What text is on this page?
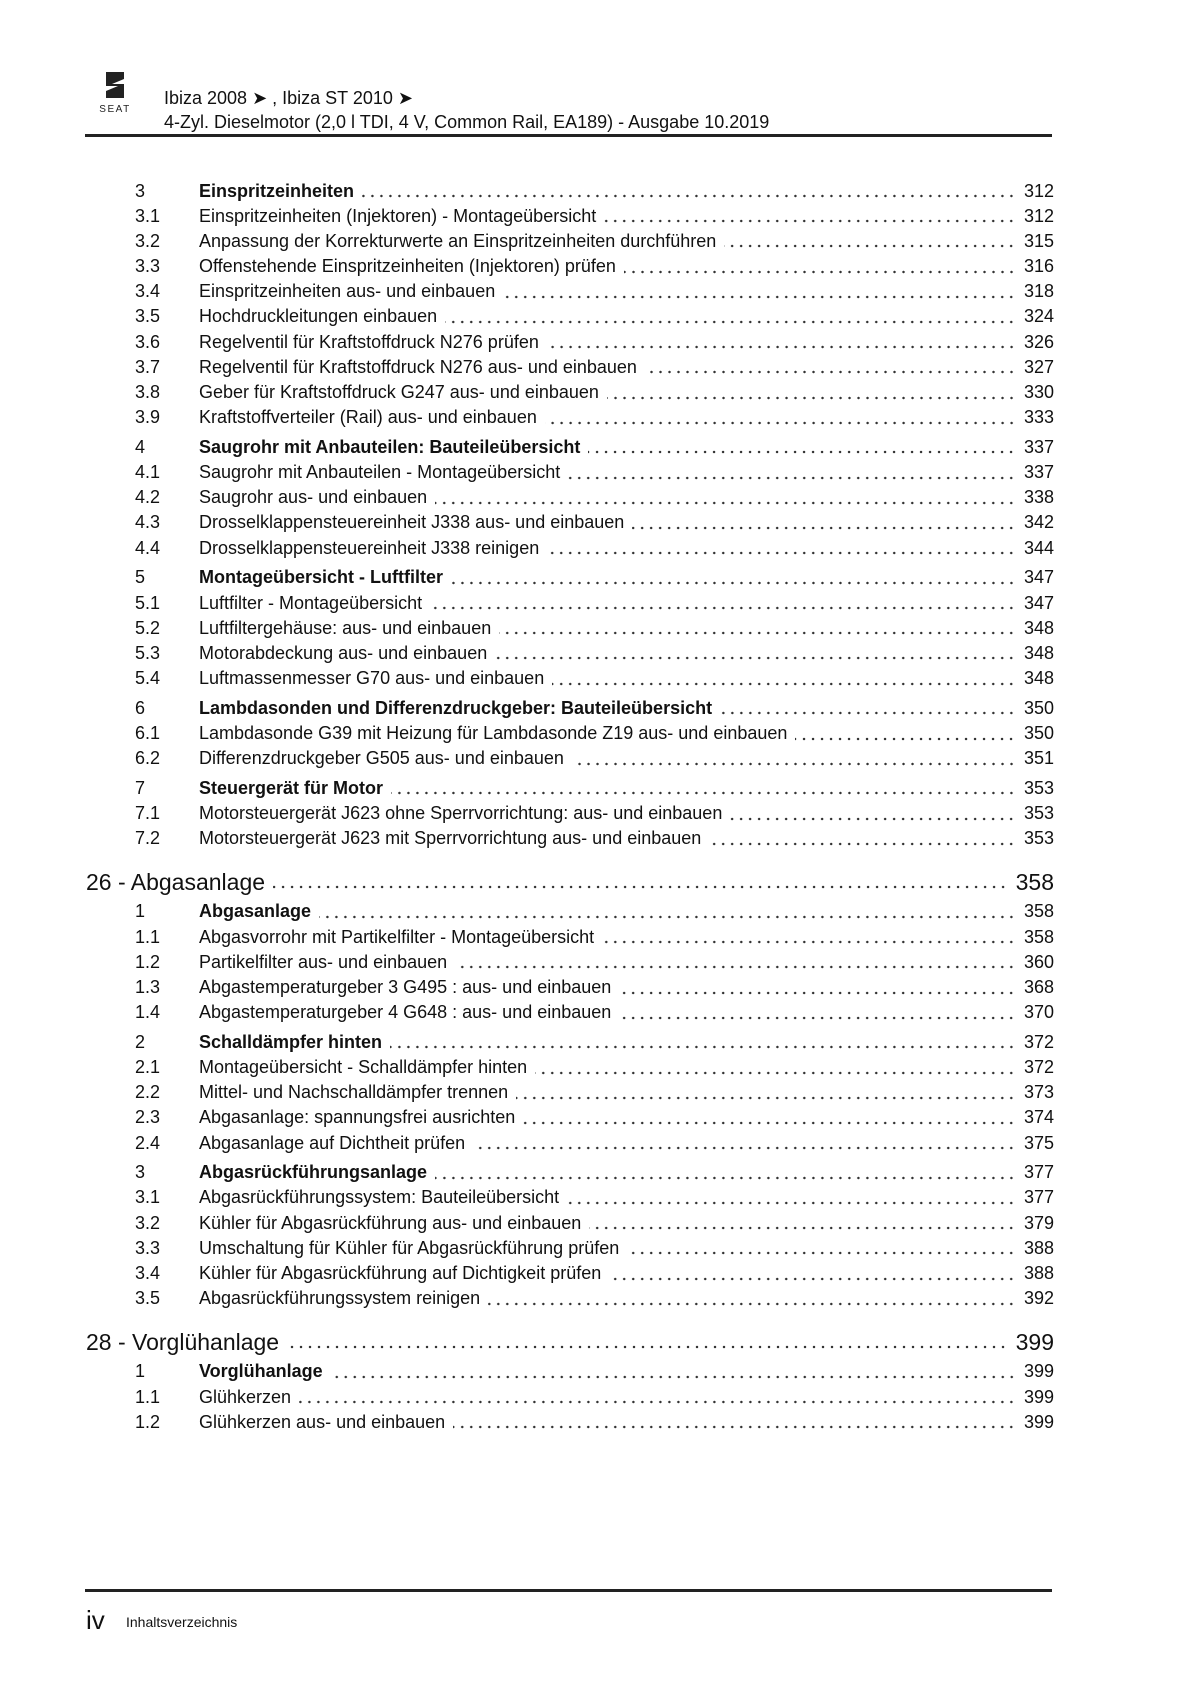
SEAT
Ibiza 2008 ➤ , Ibiza ST 2010 ➤
4-Zyl. Dieselmotor (2,0 l TDI, 4 V, Common Rail, EA189) - Ausgabe 10.2019
3	Einspritzeinheiten	312
3.1 Einspritzeinheiten (Injektoren) - Montageübersicht	312
3.2 Anpassung der Korrekturwerte an Einspritzeinheiten durchführen	315
3.3 Offenstehende Einspritzeinheiten (Injektoren) prüfen	316
3.4 Einspritzeinheiten aus- und einbauen	318
3.5 Hochdruckleitungen einbauen	324
3.6 Regelventil für Kraftstoffdruck N276 prüfen	326
3.7 Regelventil für Kraftstoffdruck N276 aus- und einbauen	327
3.8 Geber für Kraftstoffdruck G247 aus- und einbauen	330
3.9 Kraftstoffverteiler (Rail) aus- und einbauen	333
4	Saugrohr mit Anbauteilen: Bauteileübersicht	337
4.1 Saugrohr mit Anbauteilen - Montageübersicht	337
4.2 Saugrohr aus- und einbauen	338
4.3 Drosselklappensteuereinheit J338 aus- und einbauen	342
4.4 Drosselklappensteuereinheit J338 reinigen	344
5	Montageübersicht - Luftfilter	347
5.1 Luftfilter - Montageübersicht	347
5.2 Luftfiltergehäuse: aus- und einbauen	348
5.3 Motorabdeckung aus- und einbauen	348
5.4 Luftmassenmesser G70 aus- und einbauen	348
6	Lambdasonden und Differenzdruckgeber: Bauteileübersicht	350
6.1 Lambdasonde G39 mit Heizung für Lambdasonde Z19 aus- und einbauen	350
6.2 Differenzdruckgeber G505 aus- und einbauen	351
7	Steuergerät für Motor	353
7.1 Motorsteuergerät J623 ohne Sperrvorrichtung: aus- und einbauen	353
7.2 Motorsteuergerät J623 mit Sperrvorrichtung aus- und einbauen	353
26 - Abgasanlage	358
1	Abgasanlage	358
1.1 Abgasvorrohr mit Partikelfilter - Montageübersicht	358
1.2 Partikelfilter aus- und einbauen	360
1.3 Abgastemperaturgeber 3 G495 : aus- und einbauen	368
1.4 Abgastemperaturgeber 4 G648 : aus- und einbauen	370
2	Schalldämpfer hinten	372
2.1 Montageübersicht - Schalldämpfer hinten	372
2.2 Mittel- und Nachschalldämpfer trennen	373
2.3 Abgasanlage: spannungsfrei ausrichten	374
2.4 Abgasanlage auf Dichtheit prüfen	375
3	Abgasrückführungsanlage	377
3.1 Abgasrückführungssystem: Bauteileübersicht	377
3.2 Kühler für Abgasrückführung aus- und einbauen	379
3.3 Umschaltung für Kühler für Abgasrückführung prüfen	388
3.4 Kühler für Abgasrückführung auf Dichtigkeit prüfen	388
3.5 Abgasrückführungssystem reinigen	392
28 - Vorglühanlage	399
1	Vorglühanlage	399
1.1 Glühkerzen	399
1.2 Glühkerzen aus- und einbauen	399
iv Inhaltsverzeichnis
